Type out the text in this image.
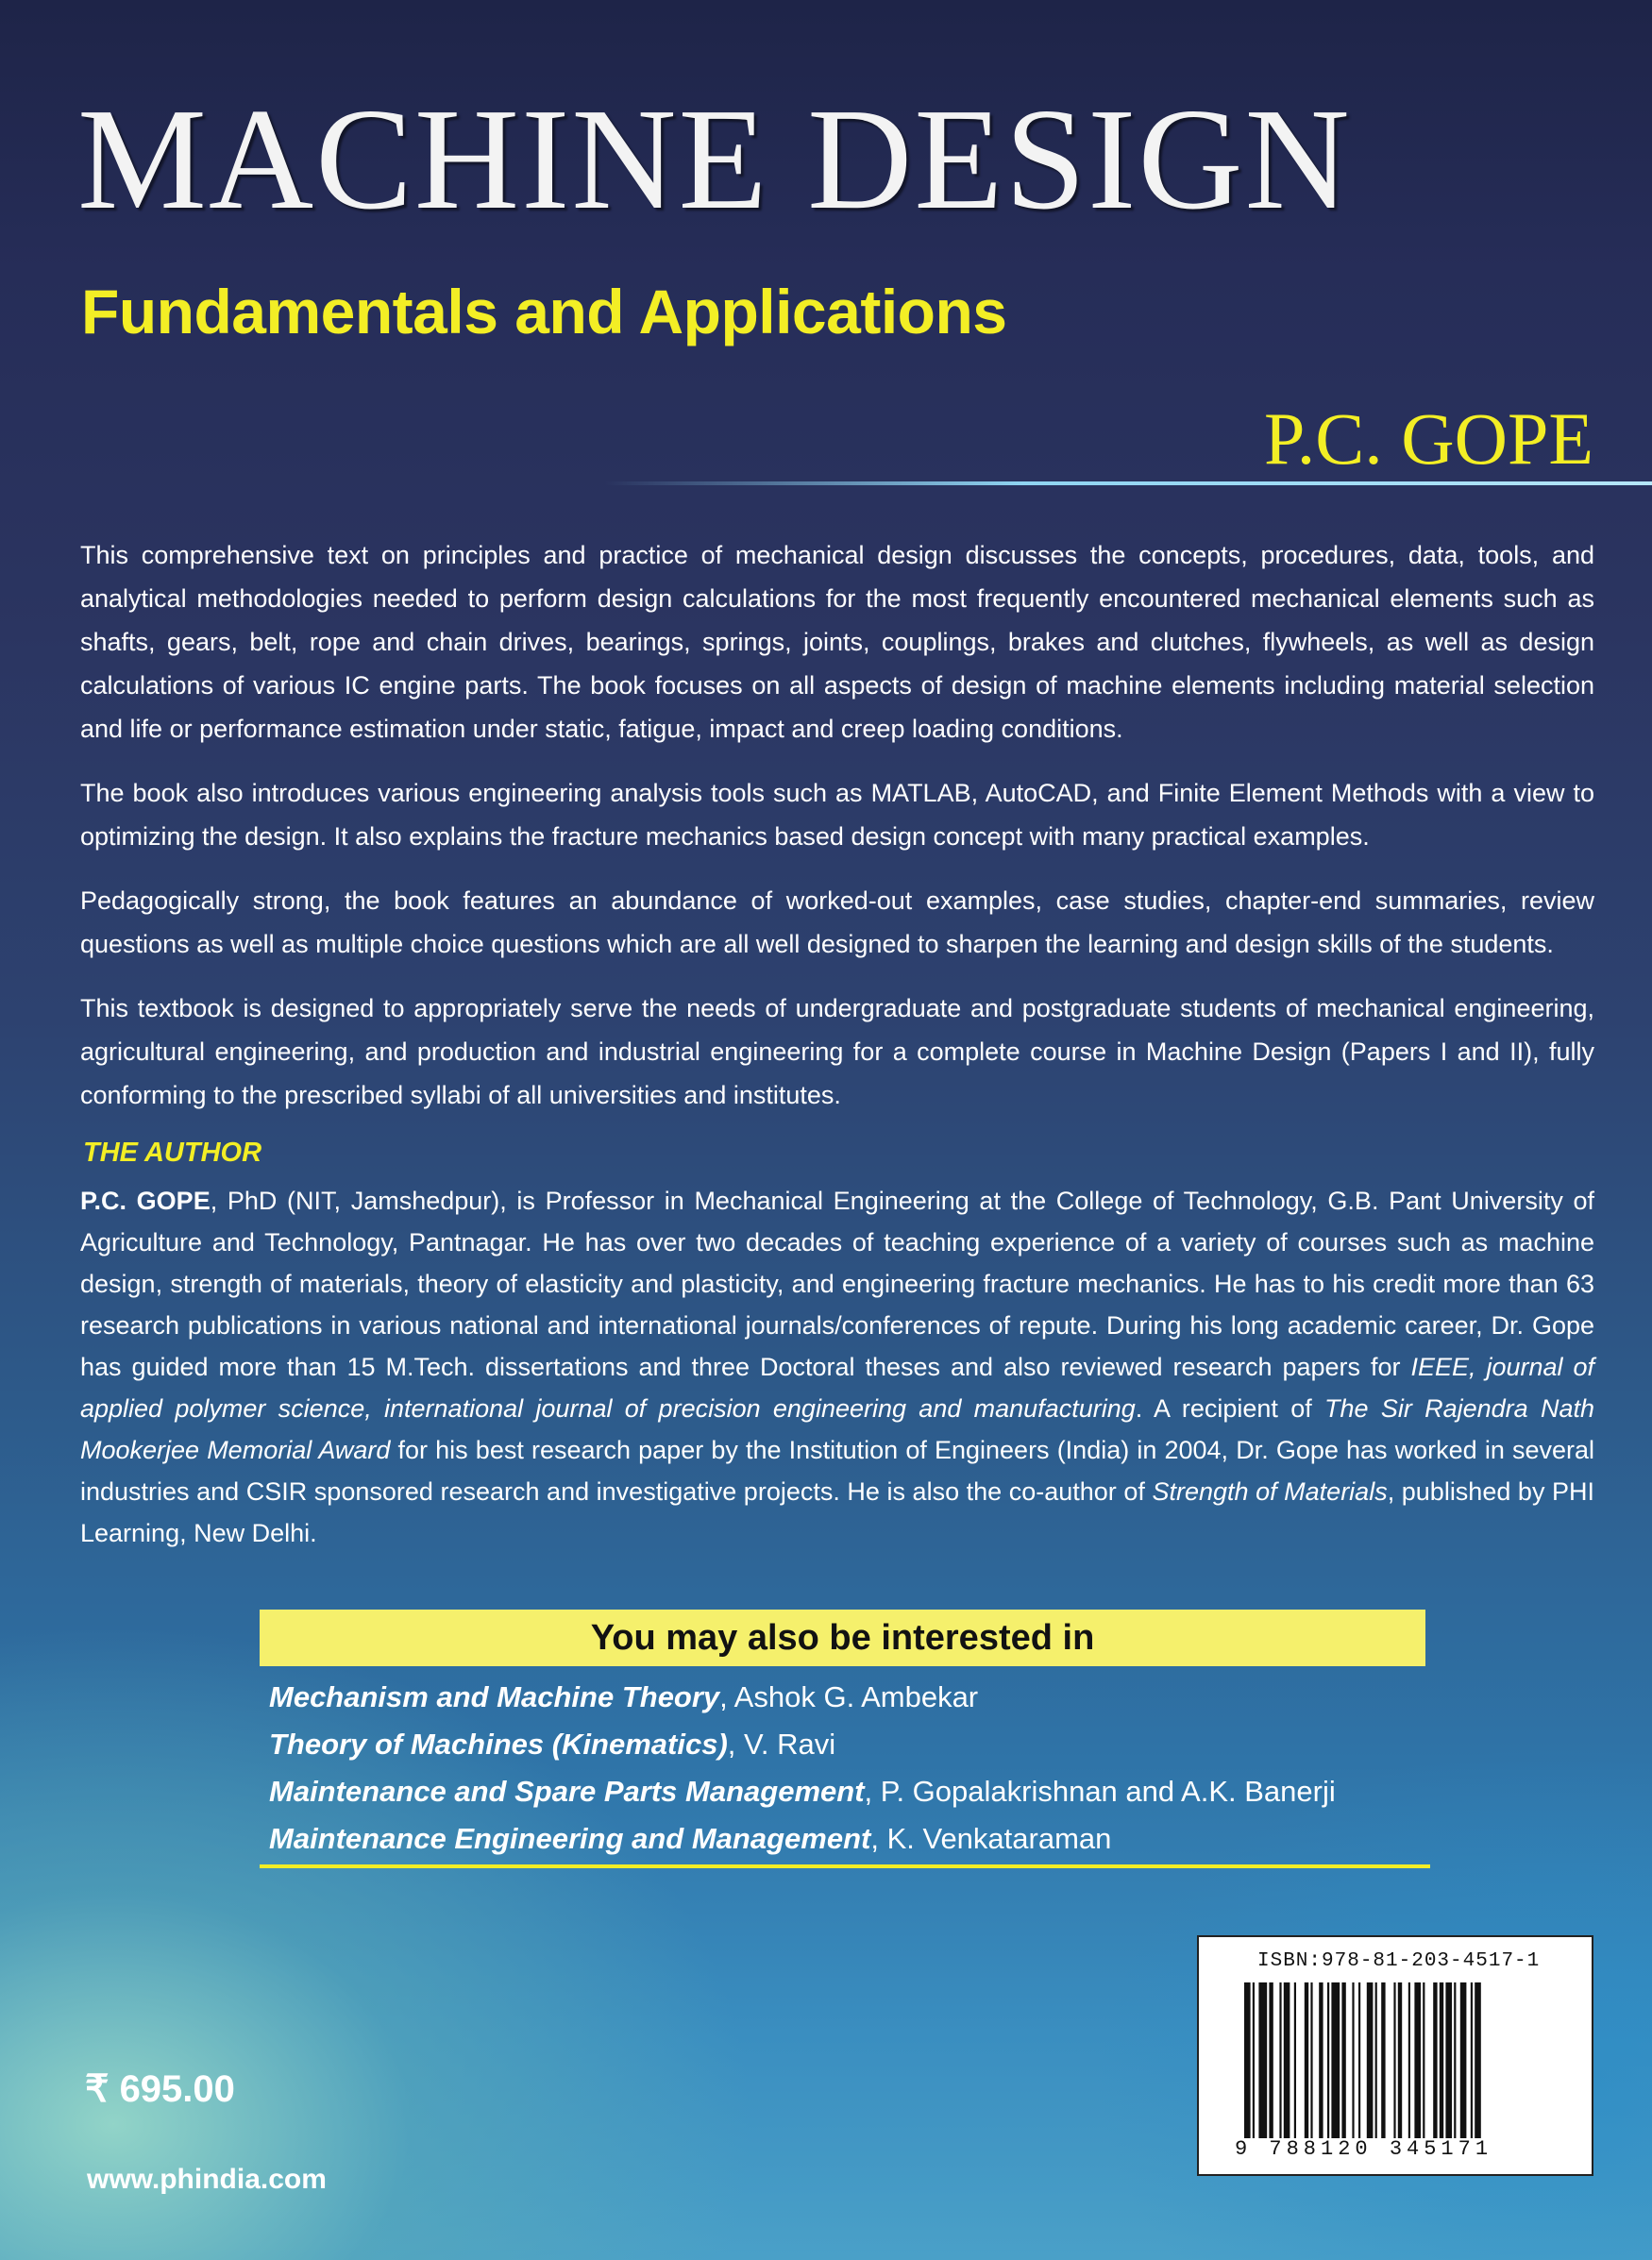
MACHINE DESIGN
Fundamentals and Applications
P.C. GOPE

This comprehensive text on principles and practice of mechanical design discusses the concepts, procedures, data, tools, and analytical methodologies needed to perform design calculations for the most frequently encountered mechanical elements such as shafts, gears, belt, rope and chain drives, bearings, springs, joints, couplings, brakes and clutches, flywheels, as well as design calculations of various IC engine parts. The book focuses on all aspects of design of machine elements including material selection and life or performance estimation under static, fatigue, impact and creep loading conditions.

The book also introduces various engineering analysis tools such as MATLAB, AutoCAD, and Finite Element Methods with a view to optimizing the design. It also explains the fracture mechanics based design concept with many practical examples.

Pedagogically strong, the book features an abundance of worked-out examples, case studies, chapter-end summaries, review questions as well as multiple choice questions which are all well designed to sharpen the learning and design skills of the students.

This textbook is designed to appropriately serve the needs of undergraduate and postgraduate students of mechanical engineering, agricultural engineering, and production and industrial engineering for a complete course in Machine Design (Papers I and II), fully conforming to the prescribed syllabi of all universities and institutes.

THE AUTHOR
P.C. GOPE, PhD (NIT, Jamshedpur), is Professor in Mechanical Engineering at the College of Technology, G.B. Pant University of Agriculture and Technology, Pantnagar. He has over two decades of teaching experience of a variety of courses such as machine design, strength of materials, theory of elasticity and plasticity, and engineering fracture mechanics. He has to his credit more than 63 research publications in various national and international journals/conferences of repute. During his long academic career, Dr. Gope has guided more than 15 M.Tech. dissertations and three Doctoral theses and also reviewed research papers for IEEE, journal of applied polymer science, international journal of precision engineering and manufacturing. A recipient of The Sir Rajendra Nath Mookerjee Memorial Award for his best research paper by the Institution of Engineers (India) in 2004, Dr. Gope has worked in several industries and CSIR sponsored research and investigative projects. He is also the co-author of Strength of Materials, published by PHI Learning, New Delhi.
You may also be interested in
Mechanism and Machine Theory, Ashok G. Ambekar
Theory of Machines (Kinematics), V. Ravi
Maintenance and Spare Parts Management, P. Gopalakrishnan and A.K. Banerji
Maintenance Engineering and Management, K. Venkataraman
ISBN:978-81-203-4517-1
9 788120 345171
₹ 695.00
www.phindia.com
